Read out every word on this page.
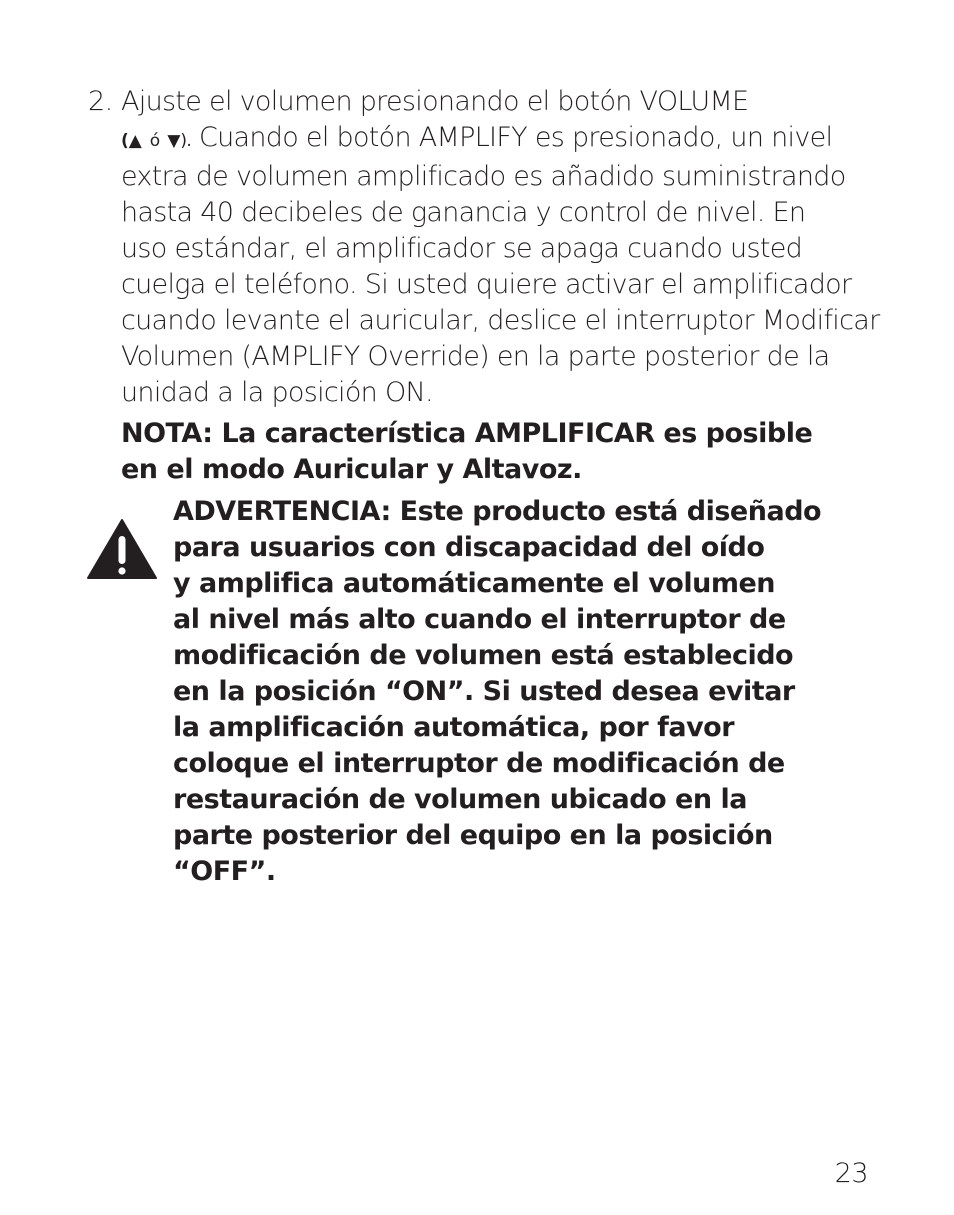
2. Ajuste el volumen presionando el botón VOLUME
(▲ ó ▼). Cuando el botón AMPLIFY es presionado, un nivel
extra de volumen amplificado es añadido suministrando
hasta 40 decibeles de ganancia y control de nivel. En
uso estándar, el amplificador se apaga cuando usted
cuelga el teléfono. Si usted quiere activar el amplificador
cuando levante el auricular, deslice el interruptor Modificar
Volumen (AMPLIFY Override) en la parte posterior de la
unidad a la posición ON.
NOTA: La característica AMPLIFICAR es posible
en el modo Auricular y Altavoz.
ADVERTENCIA: Este producto está diseñado
para usuarios con discapacidad del oído
y amplifica automáticamente el volumen
al nivel más alto cuando el interruptor de
modificación de volumen está establecido
en la posición “ON”. Si usted desea evitar
la amplificación automática, por favor
coloque el interruptor de modificación de
restauración de volumen ubicado en la
parte posterior del equipo en la posición
“OFF”.
23
